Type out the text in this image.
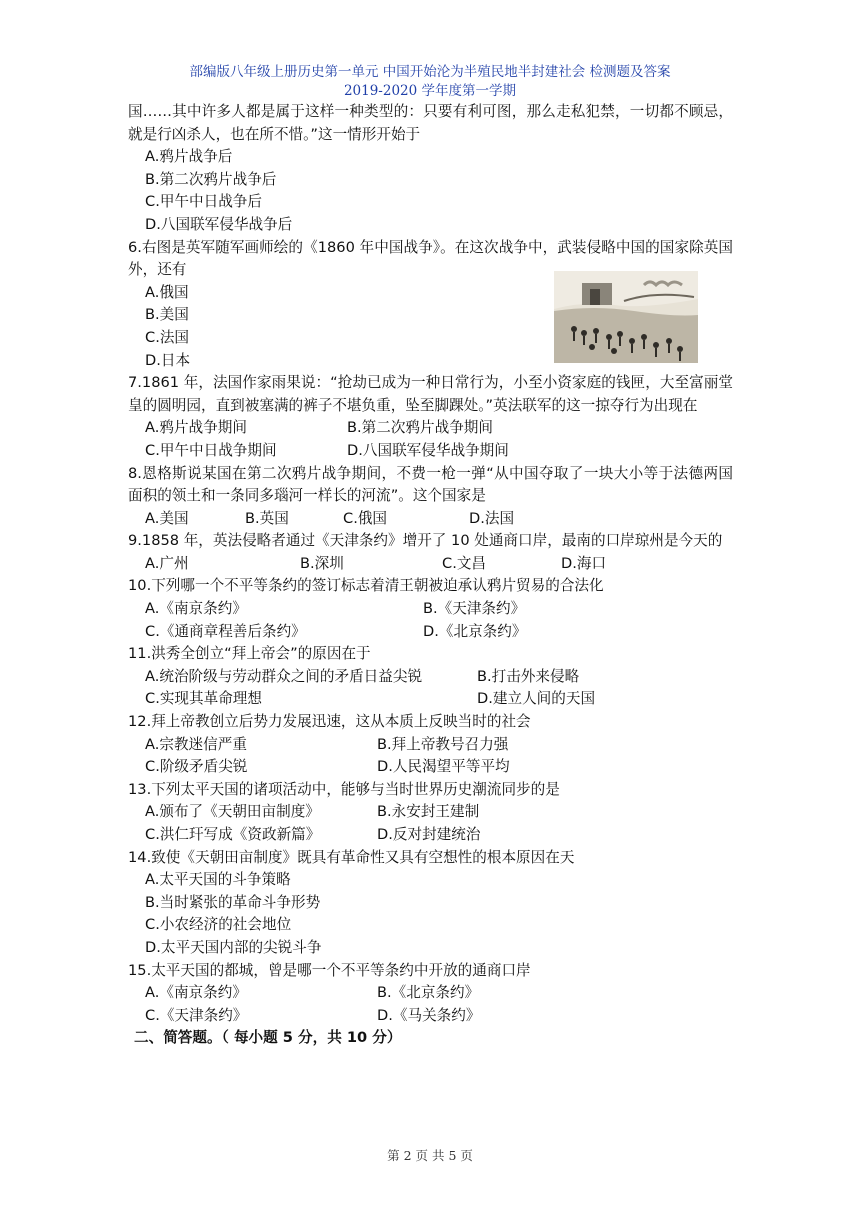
部编版八年级上册历史第一单元 中国开始沦为半殖民地半封建社会 检测题及答案
2019-2020 学年度第一学期

国……其中许多人都是属于这样一种类型的：只要有利可图，那么走私犯禁，一切都不顾忌，就是行凶杀人，也在所不惜。”这一情形开始于

A.鸦片战争后

B.第二次鸦片战争后

C.甲午中日战争后

D.八国联军侵华战争后

6.右图是英军随军画师绘的《1860 年中国战争》。在这次战争中，武装侵略中国的国家除英国外，还有

A.俄国

B.美国

C.法国

D.日本

7.1861 年，法国作家雨果说：“抢劫已成为一种日常行为，小至小资家庭的钱匣，大至富丽堂皇的圆明园，直到被塞满的裤子不堪负重，坠至脚踝处。”英法联军的这一掠夺行为出现在

A.鸦片战争期间	B.第二次鸦片战争期间
C.甲午中日战争期间	D.八国联军侵华战争期间

8.恩格斯说某国在第二次鸦片战争期间，不费一枪一弹“从中国夺取了一块大小等于法德两国面积的领土和一条同多瑙河一样长的河流”。这个国家是

A.美国	B.英国	C.俄国	D.法国

9.1858 年，英法侵略者通过《天津条约》增开了 10 处通商口岸，最南的口岸琼州是今天的

A.广州	B.深圳	C.文昌	D.海口

10.下列哪一个不平等条约的签订标志着清王朝被迫承认鸦片贸易的合法化

A.《南京条约》	B.《天津条约》
C.《通商章程善后条约》	D.《北京条约》

11.洪秀全创立“拜上帝会”的原因在于

A.统治阶级与劳动群众之间的矛盾日益尖锐	B.打击外来侵略
C.实现其革命理想	D.建立人间的天国

12.拜上帝教创立后势力发展迅速，这从本质上反映当时的社会

A.宗教迷信严重	B.拜上帝教号召力强
C.阶级矛盾尖锐	D.人民渴望平等平均

13.下列太平天国的诸项活动中，能够与当时世界历史潮流同步的是

A.颁布了《天朝田亩制度》	B.永安封王建制
C.洪仁玕写成《资政新篇》	D.反对封建统治

14.致使《天朝田亩制度》既具有革命性又具有空想性的根本原因在天

A.太平天国的斗争策略

B.当时紧张的革命斗争形势

C.小农经济的社会地位

D.太平天国内部的尖锐斗争

15.太平天国的都城，曾是哪一个不平等条约中开放的通商口岸

A.《南京条约》	B.《北京条约》
C.《天津条约》	D.《马关条约》

二、简答题。（ 每小题 5 分，共 10 分）

第 2 页 共 5 页
